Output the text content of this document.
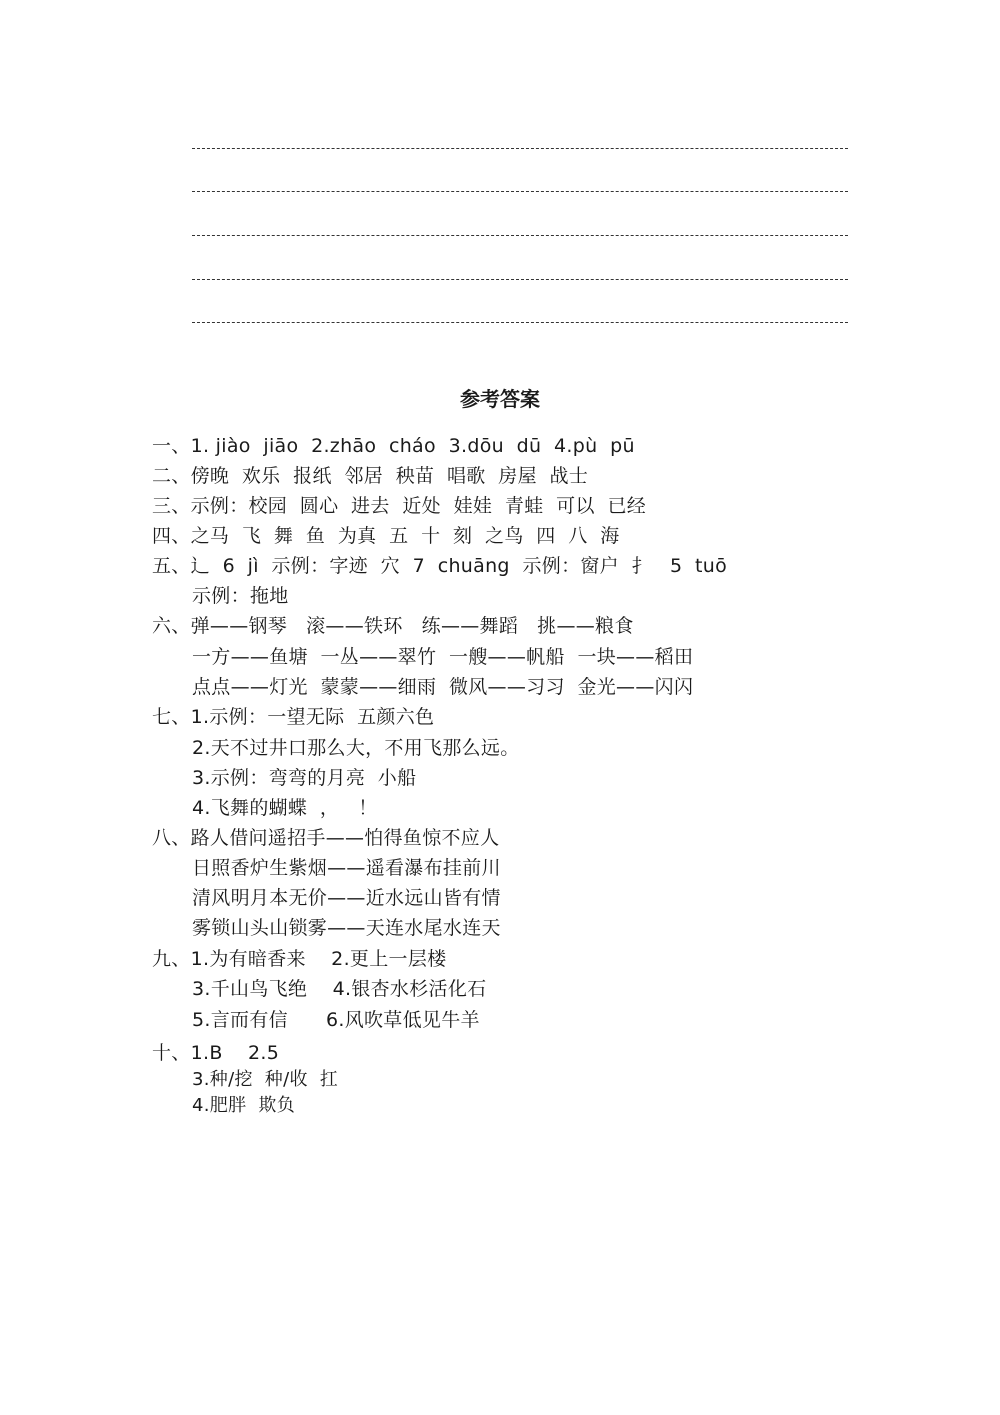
参考答案
一、1. jiào  jiāo  2.zhāo  cháo  3.dōu  dū  4.pù  pū
二、傍晚  欢乐  报纸  邻居  秧苗  唱歌  房屋  战士
三、示例：校园  圆心  进去  近处  娃娃  青蛙  可以  已经
四、之马  飞  舞  鱼  为真  五  十  刻  之鸟  四  八  海
五、辶  6  jì  示例：字迹  穴  7  chuāng  示例：窗户  扌   5  tuō
示例：拖地
六、弹——钢琴   滚——铁环   练——舞蹈   挑——粮食
一方——鱼塘  一丛——翠竹  一艘——帆船  一块——稻田
点点——灯光  蒙蒙——细雨  微风——习习  金光——闪闪
七、1.示例：一望无际  五颜六色
2.天不过井口那么大，不用飞那么远。
3.示例：弯弯的月亮  小船
4.飞舞的蝴蝶  ，   ！
八、路人借问遥招手——怕得鱼惊不应人
日照香炉生紫烟——遥看瀑布挂前川
清风明月本无价——近水远山皆有情
雾锁山头山锁雾——天连水尾水连天
九、1.为有暗香来    2.更上一层楼
3.千山鸟飞绝    4.银杏水杉活化石
5.言而有信      6.风吹草低见牛羊
十、1.B    2.5
3.种/挖  种/收  扛
4.肥胖  欺负
